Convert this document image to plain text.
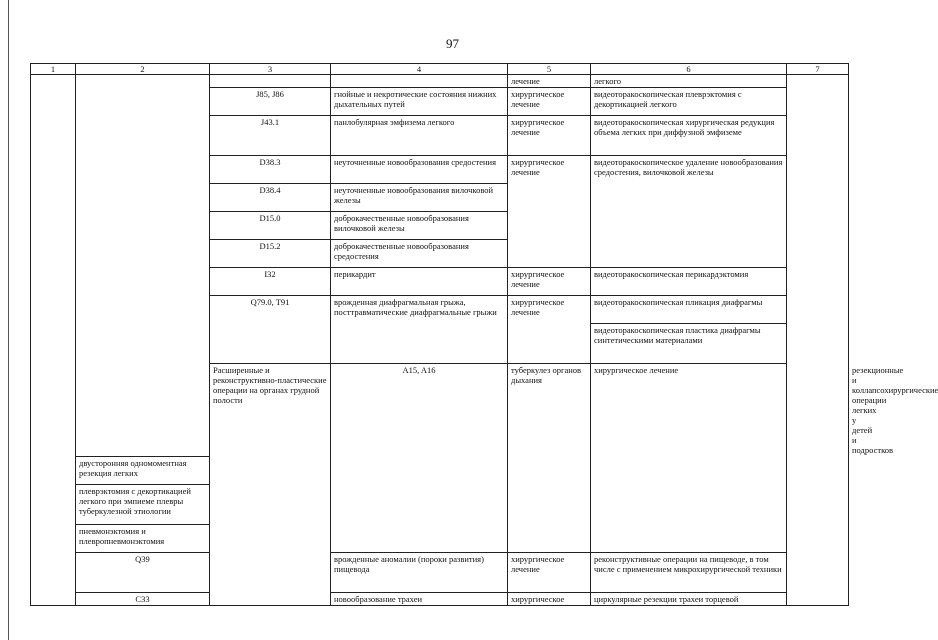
97
1	2	3	4	5	6	7	
				лечение	легкого		
		J85, J86	гнойные и некротические состояния нижних дыхательных путей	хирургическое лечение	видеоторакоскопическая плеврэктомия с декортикацией легкого		
		J43.1	панлобулярная эмфизема легкого	хирургическое лечение	видеоторакоскопическая хирургическая редукция объема легких при диффузной эмфиземе		
		D38.3	неуточненные новообразования средостения	хирургическое лечение	видеоторакоскопическое удаление новообразования средостения, вилочковой железы		
		D38.4	неуточненные новообразования вилочковой железы				
		D15.0	доброкачественные новообразования вилочковой железы				
		D15.2	доброкачественные новообразования средостения				
		I32	перикардит	хирургическое лечение	видеоторакоскопическая перикардэктомия		
		Q79.0, T91	врожденная диафрагмальная грыжа, посттравматические диафрагмальные грыжи	хирургическое лечение	видеоторакоскопическая пликация диафрагмы		
					видеоторакоскопическая пластика диафрагмы синтетическими материалами		
		Расширенные и реконструктивно-пластические операции на органах грудной полости	A15, A16	туберкулез органов дыхания	хирургическое лечение		резекционные и коллапсохирургические операции легких у детей и подростков
	двусторонняя одномоментная резекция легких						
	плеврэктомия с декортикацией легкого при эмпиеме плевры туберкулезной этиологии						
	пневмонэктомия и плевропневмонэктомия						
	Q39		врожденные аномалии (пороки развития) пищевода	хирургическое лечение	реконструктивные операции на пищеводе, в том числе с применением микрохирургической техники		
	C33		новообразование трахеи	хирургическое	циркулярные резекции трахеи торцевой		
